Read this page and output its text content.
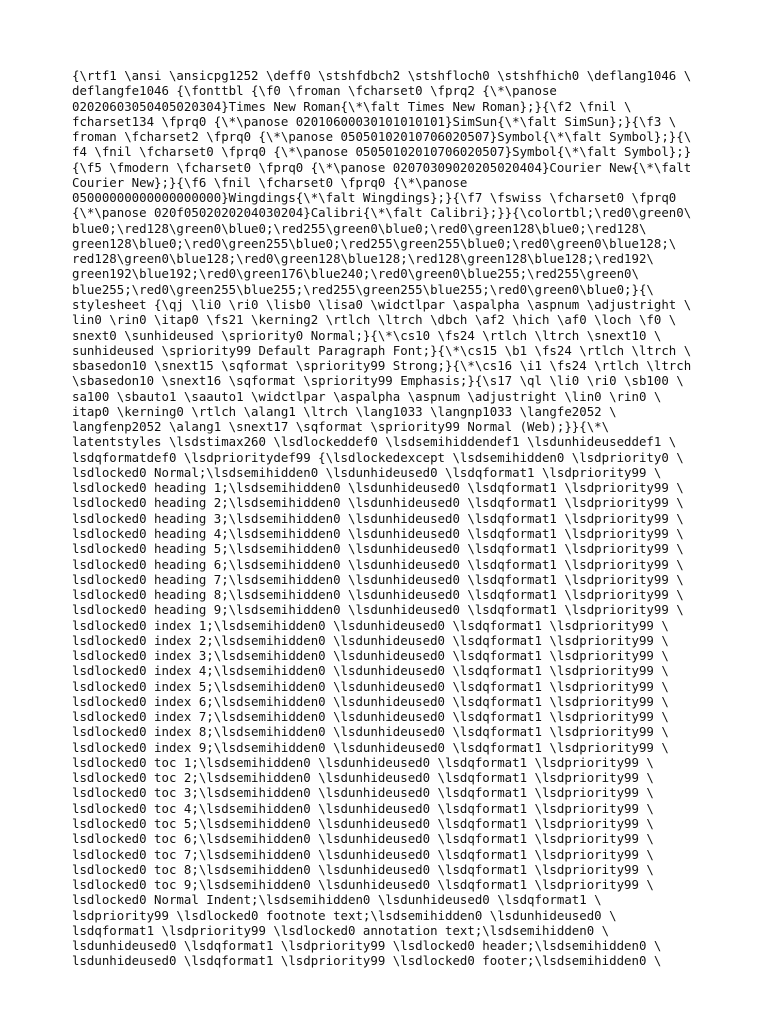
{\rtf1 \ansi \ansicpg1252 \deff0 \stshfdbch2 \stshfloch0 \stshfhich0 \deflang1046 \
deflangfe1046 {\fonttbl {\f0 \froman \fcharset0 \fprq2 {\*\panose
02020603050405020304}Times New Roman{\*\falt Times New Roman};}{\f2 \fnil \
fcharset134 \fprq0 {\*\panose 02010600030101010101}SimSun{\*\falt SimSun};}{\f3 \
froman \fcharset2 \fprq0 {\*\panose 05050102010706020507}Symbol{\*\falt Symbol};}{\
f4 \fnil \fcharset0 \fprq0 {\*\panose 05050102010706020507}Symbol{\*\falt Symbol};}
{\f5 \fmodern \fcharset0 \fprq0 {\*\panose 02070309020205020404}Courier New{\*\falt
Courier New};}{\f6 \fnil \fcharset0 \fprq0 {\*\panose
05000000000000000000}Wingdings{\*\falt Wingdings};}{\f7 \fswiss \fcharset0 \fprq0
{\*\panose 020f0502020204030204}Calibri{\*\falt Calibri};}}{\colortbl;\red0\green0\
blue0;\red128\green0\blue0;\red255\green0\blue0;\red0\green128\blue0;\red128\
green128\blue0;\red0\green255\blue0;\red255\green255\blue0;\red0\green0\blue128;\
red128\green0\blue128;\red0\green128\blue128;\red128\green128\blue128;\red192\
green192\blue192;\red0\green176\blue240;\red0\green0\blue255;\red255\green0\
blue255;\red0\green255\blue255;\red255\green255\blue255;\red0\green0\blue0;}{\
stylesheet {\qj \li0 \ri0 \lisb0 \lisa0 \widctlpar \aspalpha \aspnum \adjustright \
lin0 \rin0 \itap0 \fs21 \kerning2 \rtlch \ltrch \dbch \af2 \hich \af0 \loch \f0 \
snext0 \sunhideused \spriority0 Normal;}{\*\cs10 \fs24 \rtlch \ltrch \snext10 \
sunhideused \spriority99 Default Paragraph Font;}{\*\cs15 \b1 \fs24 \rtlch \ltrch \
sbasedon10 \snext15 \sqformat \spriority99 Strong;}{\*\cs16 \i1 \fs24 \rtlch \ltrch
\sbasedon10 \snext16 \sqformat \spriority99 Emphasis;}{\s17 \ql \li0 \ri0 \sb100 \
sa100 \sbauto1 \saauto1 \widctlpar \aspalpha \aspnum \adjustright \lin0 \rin0 \
itap0 \kerning0 \rtlch \alang1 \ltrch \lang1033 \langnp1033 \langfe2052 \
langfenp2052 \alang1 \snext17 \sqformat \spriority99 Normal (Web);}}{\*\
latentstyles \lsdstimax260 \lsdlockeddef0 \lsdsemihiddendef1 \lsdunhideuseddef1 \
lsdqformatdef0 \lsdprioritydef99 {\lsdlockedexcept \lsdsemihidden0 \lsdpriority0 \
lsdlocked0 Normal;\lsdsemihidden0 \lsdunhideused0 \lsdqformat1 \lsdpriority99 \
lsdlocked0 heading 1;\lsdsemihidden0 \lsdunhideused0 \lsdqformat1 \lsdpriority99 \
lsdlocked0 heading 2;\lsdsemihidden0 \lsdunhideused0 \lsdqformat1 \lsdpriority99 \
lsdlocked0 heading 3;\lsdsemihidden0 \lsdunhideused0 \lsdqformat1 \lsdpriority99 \
lsdlocked0 heading 4;\lsdsemihidden0 \lsdunhideused0 \lsdqformat1 \lsdpriority99 \
lsdlocked0 heading 5;\lsdsemihidden0 \lsdunhideused0 \lsdqformat1 \lsdpriority99 \
lsdlocked0 heading 6;\lsdsemihidden0 \lsdunhideused0 \lsdqformat1 \lsdpriority99 \
lsdlocked0 heading 7;\lsdsemihidden0 \lsdunhideused0 \lsdqformat1 \lsdpriority99 \
lsdlocked0 heading 8;\lsdsemihidden0 \lsdunhideused0 \lsdqformat1 \lsdpriority99 \
lsdlocked0 heading 9;\lsdsemihidden0 \lsdunhideused0 \lsdqformat1 \lsdpriority99 \
lsdlocked0 index 1;\lsdsemihidden0 \lsdunhideused0 \lsdqformat1 \lsdpriority99 \
lsdlocked0 index 2;\lsdsemihidden0 \lsdunhideused0 \lsdqformat1 \lsdpriority99 \
lsdlocked0 index 3;\lsdsemihidden0 \lsdunhideused0 \lsdqformat1 \lsdpriority99 \
lsdlocked0 index 4;\lsdsemihidden0 \lsdunhideused0 \lsdqformat1 \lsdpriority99 \
lsdlocked0 index 5;\lsdsemihidden0 \lsdunhideused0 \lsdqformat1 \lsdpriority99 \
lsdlocked0 index 6;\lsdsemihidden0 \lsdunhideused0 \lsdqformat1 \lsdpriority99 \
lsdlocked0 index 7;\lsdsemihidden0 \lsdunhideused0 \lsdqformat1 \lsdpriority99 \
lsdlocked0 index 8;\lsdsemihidden0 \lsdunhideused0 \lsdqformat1 \lsdpriority99 \
lsdlocked0 index 9;\lsdsemihidden0 \lsdunhideused0 \lsdqformat1 \lsdpriority99 \
lsdlocked0 toc 1;\lsdsemihidden0 \lsdunhideused0 \lsdqformat1 \lsdpriority99 \
lsdlocked0 toc 2;\lsdsemihidden0 \lsdunhideused0 \lsdqformat1 \lsdpriority99 \
lsdlocked0 toc 3;\lsdsemihidden0 \lsdunhideused0 \lsdqformat1 \lsdpriority99 \
lsdlocked0 toc 4;\lsdsemihidden0 \lsdunhideused0 \lsdqformat1 \lsdpriority99 \
lsdlocked0 toc 5;\lsdsemihidden0 \lsdunhideused0 \lsdqformat1 \lsdpriority99 \
lsdlocked0 toc 6;\lsdsemihidden0 \lsdunhideused0 \lsdqformat1 \lsdpriority99 \
lsdlocked0 toc 7;\lsdsemihidden0 \lsdunhideused0 \lsdqformat1 \lsdpriority99 \
lsdlocked0 toc 8;\lsdsemihidden0 \lsdunhideused0 \lsdqformat1 \lsdpriority99 \
lsdlocked0 toc 9;\lsdsemihidden0 \lsdunhideused0 \lsdqformat1 \lsdpriority99 \
lsdlocked0 Normal Indent;\lsdsemihidden0 \lsdunhideused0 \lsdqformat1 \
lsdpriority99 \lsdlocked0 footnote text;\lsdsemihidden0 \lsdunhideused0 \
lsdqformat1 \lsdpriority99 \lsdlocked0 annotation text;\lsdsemihidden0 \
lsdunhideused0 \lsdqformat1 \lsdpriority99 \lsdlocked0 header;\lsdsemihidden0 \
lsdunhideused0 \lsdqformat1 \lsdpriority99 \lsdlocked0 footer;\lsdsemihidden0 \
